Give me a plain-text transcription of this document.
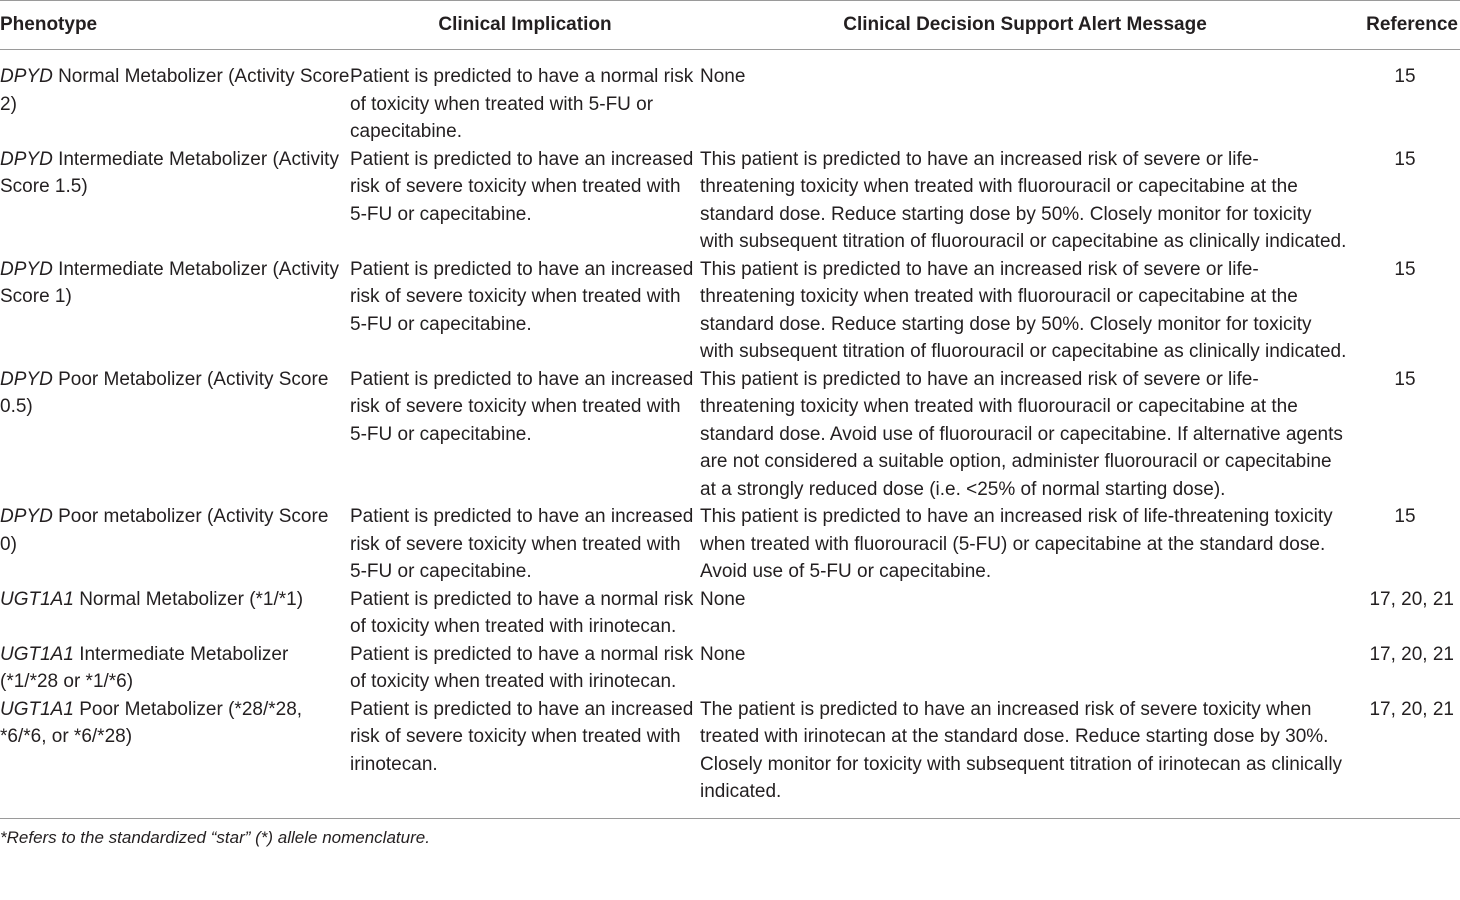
Phenotype	Clinical Implication	Clinical Decision Support Alert Message	Reference
DPYD Normal Metabolizer (Activity Score 2)	Patient is predicted to have a normal risk of toxicity when treated with 5-FU or capecitabine.	None	15
DPYD Intermediate Metabolizer (Activity Score 1.5)	Patient is predicted to have an increased risk of severe toxicity when treated with 5-FU or capecitabine.	This patient is predicted to have an increased risk of severe or life-threatening toxicity when treated with fluorouracil or capecitabine at the standard dose. Reduce starting dose by 50%. Closely monitor for toxicity with subsequent titration of fluorouracil or capecitabine as clinically indicated.	15
DPYD Intermediate Metabolizer (Activity Score 1)	Patient is predicted to have an increased risk of severe toxicity when treated with 5-FU or capecitabine.	This patient is predicted to have an increased risk of severe or life-threatening toxicity when treated with fluorouracil or capecitabine at the standard dose. Reduce starting dose by 50%. Closely monitor for toxicity with subsequent titration of fluorouracil or capecitabine as clinically indicated.	15
DPYD Poor Metabolizer (Activity Score 0.5)	Patient is predicted to have an increased risk of severe toxicity when treated with 5-FU or capecitabine.	This patient is predicted to have an increased risk of severe or life-threatening toxicity when treated with fluorouracil or capecitabine at the standard dose. Avoid use of fluorouracil or capecitabine. If alternative agents are not considered a suitable option, administer fluorouracil or capecitabine at a strongly reduced dose (i.e. <25% of normal starting dose).	15
DPYD Poor metabolizer (Activity Score 0)	Patient is predicted to have an increased risk of severe toxicity when treated with 5-FU or capecitabine.	This patient is predicted to have an increased risk of life-threatening toxicity when treated with fluorouracil (5-FU) or capecitabine at the standard dose. Avoid use of 5-FU or capecitabine.	15
UGT1A1 Normal Metabolizer (*1/*1)	Patient is predicted to have a normal risk of toxicity when treated with irinotecan.	None	17, 20, 21
UGT1A1 Intermediate Metabolizer (*1/*28 or *1/*6)	Patient is predicted to have a normal risk of toxicity when treated with irinotecan.	None	17, 20, 21
UGT1A1 Poor Metabolizer (*28/*28, *6/*6, or *6/*28)	Patient is predicted to have an increased risk of severe toxicity when treated with irinotecan.	The patient is predicted to have an increased risk of severe toxicity when treated with irinotecan at the standard dose. Reduce starting dose by 30%. Closely monitor for toxicity with subsequent titration of irinotecan as clinically indicated.	17, 20, 21
*Refers to the standardized “star” (*) allele nomenclature.
